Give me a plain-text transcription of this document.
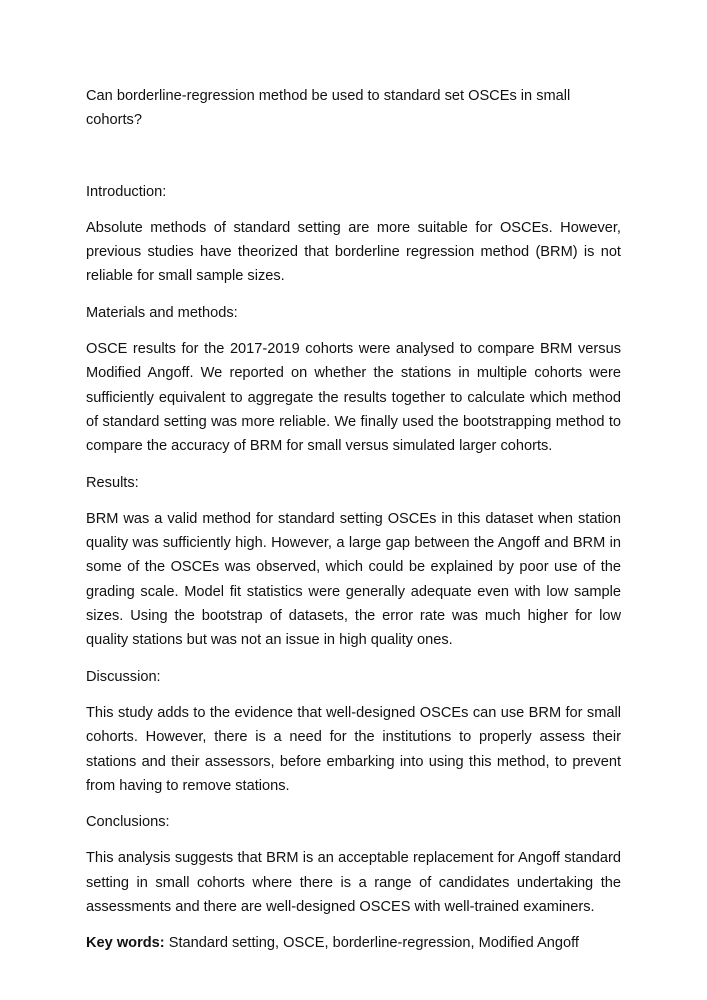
Can borderline-regression method be used to standard set OSCEs in small cohorts?

Introduction:

Absolute methods of standard setting are more suitable for OSCEs. However, previous studies have theorized that borderline regression method (BRM) is not reliable for small sample sizes.

Materials and methods:

OSCE results for the 2017-2019 cohorts were analysed to compare BRM versus Modified Angoff. We reported on whether the stations in multiple cohorts were sufficiently equivalent to aggregate the results together to calculate which method of standard setting was more reliable. We finally used the bootstrapping method to compare the accuracy of BRM for small versus simulated larger cohorts.

Results:

BRM was a valid method for standard setting OSCEs in this dataset when station quality was sufficiently high. However, a large gap between the Angoff and BRM in some of the OSCEs was observed, which could be explained by poor use of the grading scale. Model fit statistics were generally adequate even with low sample sizes. Using the bootstrap of datasets, the error rate was much higher for low quality stations but was not an issue in high quality ones.

Discussion:

This study adds to the evidence that well-designed OSCEs can use BRM for small cohorts. However, there is a need for the institutions to properly assess their stations and their assessors, before embarking into using this method, to prevent from having to remove stations.

Conclusions:

This analysis suggests that BRM is an acceptable replacement for Angoff standard setting in small cohorts where there is a range of candidates undertaking the assessments and there are well-designed OSCES with well-trained examiners.

Key words: Standard setting, OSCE, borderline-regression, Modified Angoff
